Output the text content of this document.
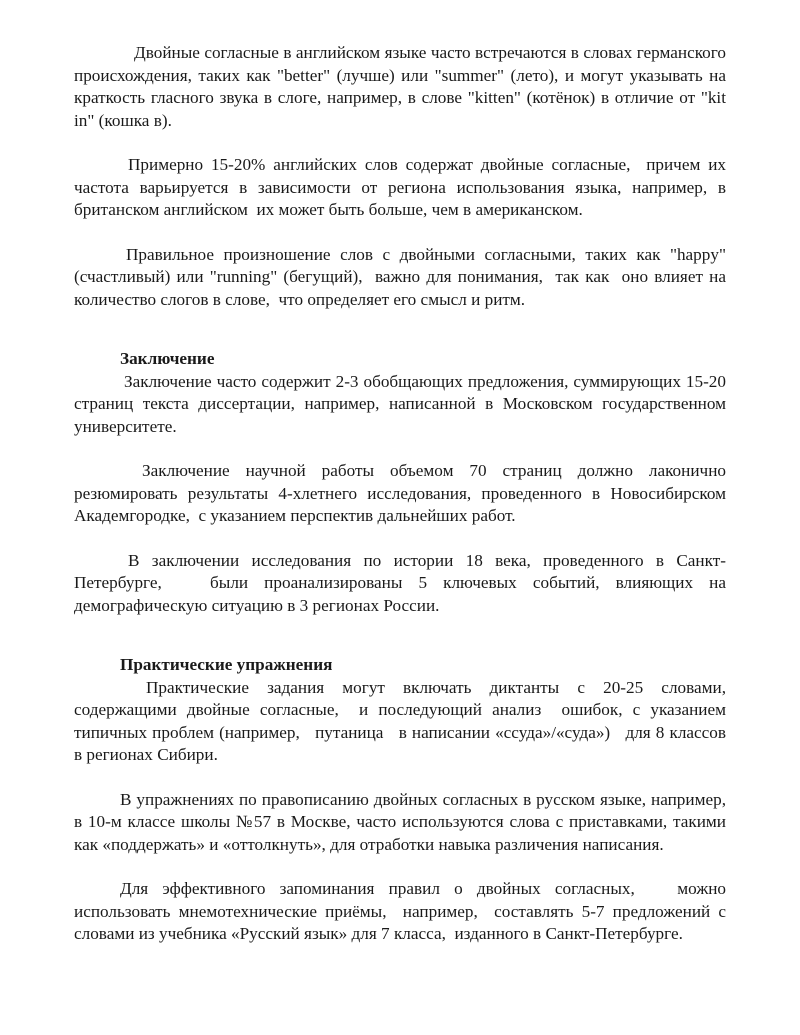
Двойные согласные в английском языке часто встречаются в словах германского происхождения, таких как "better" (лучше) или "summer" (лето), и могут указывать на краткость гласного звука в слоге, например, в слове "kitten" (котёнок) в отличие от "kit in" (кошка в).

Примерно 15-20% английских слов содержат двойные согласные,  причем их частота варьируется в зависимости от региона использования языка, например, в британском английском  их может быть больше, чем в американском.

Правильное произношение слов с двойными согласными, таких как "happy" (счастливый) или "running" (бегущий),  важно для понимания,  так как  оно влияет на количество слогов в слове,  что определяет его смысл и ритм.

Заключение

Заключение часто содержит 2-3 обобщающих предложения, суммирующих 15-20 страниц текста диссертации, например, написанной в Московском государственном университете.

Заключение научной работы объемом 70 страниц должно лаконично резюмировать результаты 4-хлетнего исследования, проведенного в Новосибирском Академгородке,  с указанием перспектив дальнейших работ.

В заключении исследования по истории 18 века, проведенного в Санкт-Петербурге,   были проанализированы 5 ключевых событий, влияющих на демографическую ситуацию в 3 регионах России.

Практические упражнения

Практические задания могут включать диктанты с 20-25 словами, содержащими двойные согласные,  и последующий анализ  ошибок, с указанием типичных проблем (например,   путаница   в написании «ссуда»/«суда»)   для 8 классов  в регионах Сибири.

В упражнениях по правописанию двойных согласных в русском языке, например, в 10-м классе школы №57 в Москве, часто используются слова с приставками, такими как «поддержать» и «оттолкнуть», для отработки навыка различения написания.

Для эффективного запоминания правил о двойных согласных,   можно использовать мнемотехнические приёмы,  например,  составлять 5-7 предложений с словами из учебника «Русский язык» для 7 класса,  изданного в Санкт-Петербурге.
